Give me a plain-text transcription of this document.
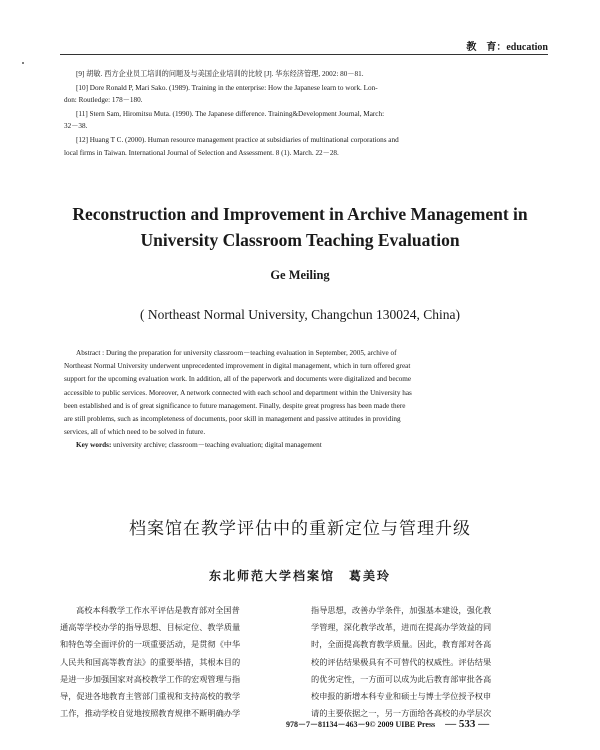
教　育：education
[9] 胡敏. 西方企业员工培训的问题及与美国企业培训的比较 [J]. 华东经济管理, 2002: 80－81.
[10] Dore Ronald P, Mari Sako. (1989). Training in the enterprise: How the Japanese learn to work. Lon-
don: Routledge: 178－180.
[11] Stern Sam, Hiromitsu Muta. (1990). The Japanese difference. Training&Development Journal, March:
32－38.
[12] Huang T C. (2000). Human resource management practice at subsidiaries of multinational corporations and
local firms in Taiwan. International Journal of Selection and Assessment. 8 (1). March. 22－28.
Reconstruction and Improvement in Archive Management in
University Classroom Teaching Evaluation
Ge Meiling
( Northeast Normal University, Changchun 130024, China)
Abstract : During the preparation for university classroom－teaching evaluation in September, 2005, archive of
Northeast Normal University underwent unprecedented improvement in digital management, which in turn offered great
support for the upcoming evaluation work. In addition, all of the paperwork and documents were digitalized and become
accessible to public services. Moreover, A network connected with each school and department within the University has
been established and is of great significance to future management. Finally, despite great progress has been made there
are still problems, such as incompleteness of documents, poor skill in management and passive attitudes in providing
services, all of which need to be solved in future.
Key words: university archive; classroom－teaching evaluation; digital management
档案馆在教学评估中的重新定位与管理升级
东北师范大学档案馆　葛美玲
高校本科教学工作水平评估是教育部对全国普
通高等学校办学的指导思想、目标定位、教学质量
和特色等全面评价的一项重要活动，是贯彻《中华
人民共和国高等教育法》的重要举措，其根本目的
是进一步加强国家对高校教学工作的宏观管理与指
导，促进各地教育主管部门重视和支持高校的教学
工作，推动学校自觉地按照教育规律不断明确办学
指导思想，改善办学条件，加强基本建设，强化教
学管理，深化教学改革，进而在提高办学效益的同
时，全面提高教育教学质量。因此，教育部对各高
校的评估结果极具有不可替代的权威性。评估结果
的优劣定性，一方面可以成为此后教育部审批各高
校申报的新增本科专业和硕士与博士学位授予权申
请的主要依据之一，另一方面给各高校的办学层次
978－7－81134－463－9© 2009 UIBE Press — 533 —
